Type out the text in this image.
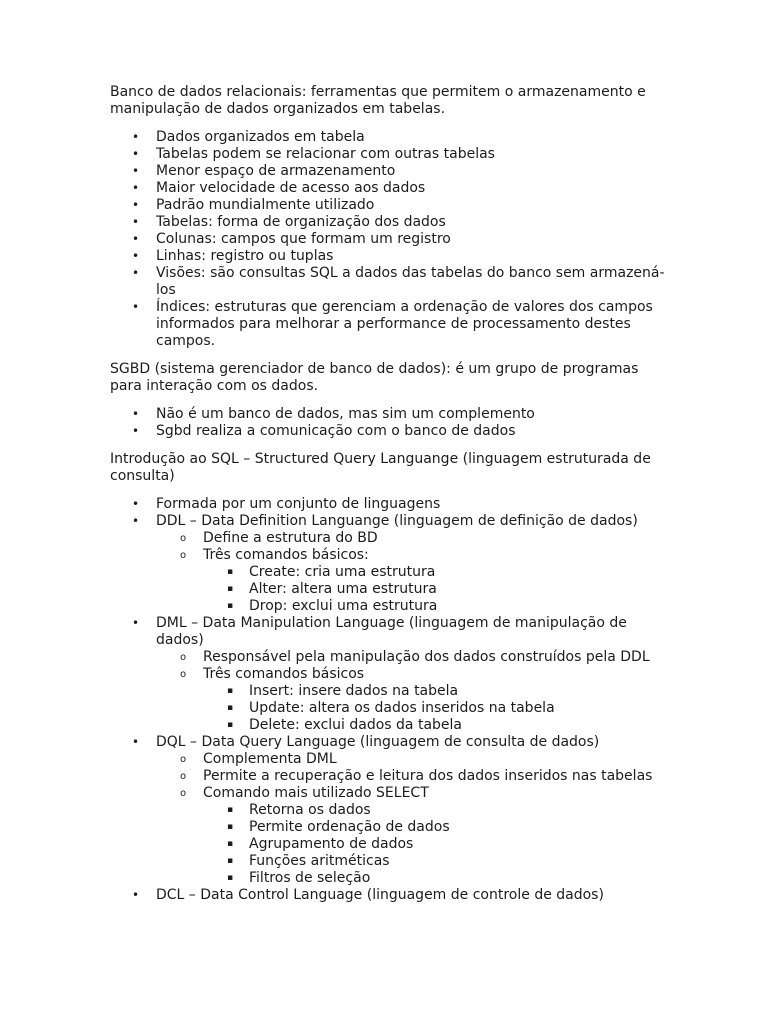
Banco de dados relacionais: ferramentas que permitem o armazenamento e manipulação de dados organizados em tabelas.

• Dados organizados em tabela
• Tabelas podem se relacionar com outras tabelas
• Menor espaço de armazenamento
• Maior velocidade de acesso aos dados
• Padrão mundialmente utilizado
• Tabelas: forma de organização dos dados
• Colunas: campos que formam um registro
• Linhas: registro ou tuplas
• Visões: são consultas SQL a dados das tabelas do banco sem armazená-los
• Índices: estruturas que gerenciam a ordenação de valores dos campos informados para melhorar a performance de processamento destes campos.

SGBD (sistema gerenciador de banco de dados): é um grupo de programas para interação com os dados.

• Não é um banco de dados, mas sim um complemento
• Sgbd realiza a comunicação com o banco de dados

Introdução ao SQL – Structured Query Languange (linguagem estruturada de consulta)

• Formada por um conjunto de linguagens
• DDL – Data Definition Languange (linguagem de definição de dados)
o Define a estrutura do BD
o Três comandos básicos:
▪ Create: cria uma estrutura
▪ Alter: altera uma estrutura
▪ Drop: exclui uma estrutura
• DML – Data Manipulation Language (linguagem de manipulação de dados)
o Responsável pela manipulação dos dados construídos pela DDL
o Três comandos básicos
▪ Insert: insere dados na tabela
▪ Update: altera os dados inseridos na tabela
▪ Delete: exclui dados da tabela
• DQL – Data Query Language (linguagem de consulta de dados)
o Complementa DML
o Permite a recuperação e leitura dos dados inseridos nas tabelas
o Comando mais utilizado SELECT
▪ Retorna os dados
▪ Permite ordenação de dados
▪ Agrupamento de dados
▪ Funções aritméticas
▪ Filtros de seleção
• DCL – Data Control Language (linguagem de controle de dados)
